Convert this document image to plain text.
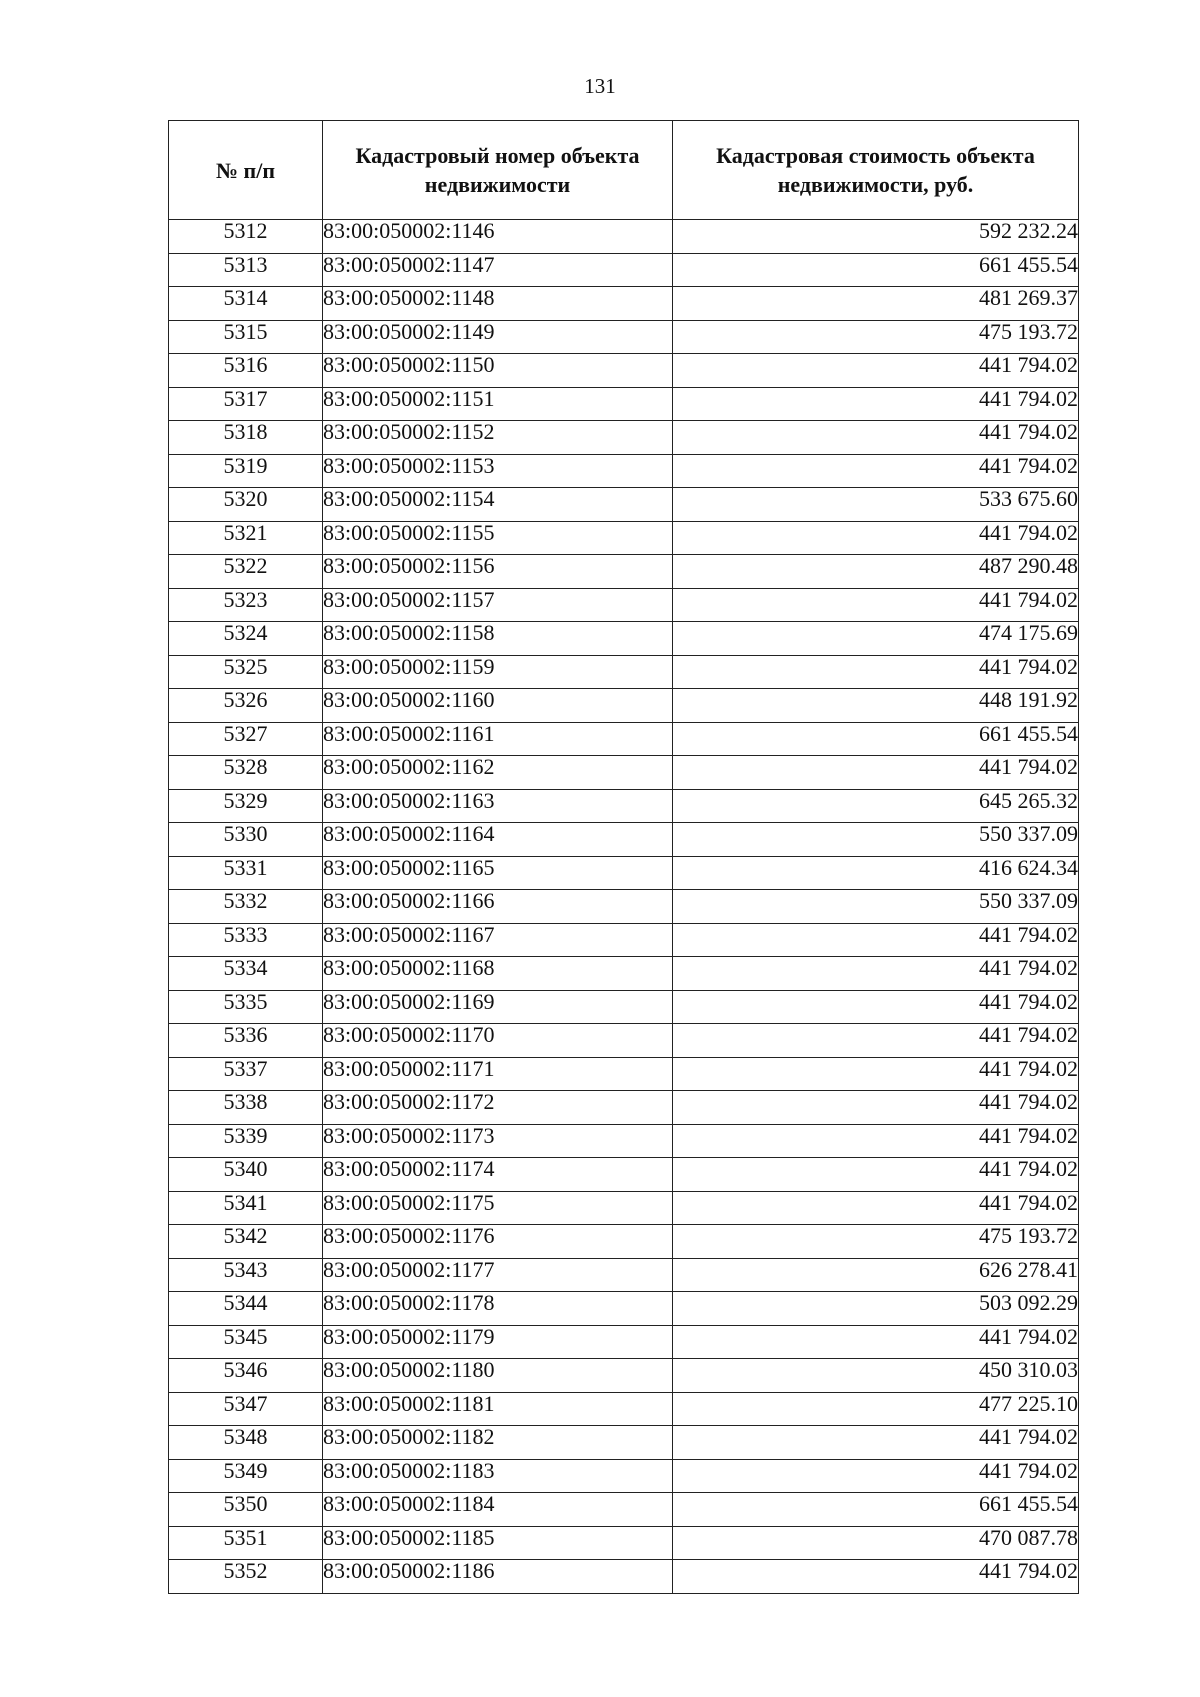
131
№ п/п	Кадастровый номер объекта недвижимости	Кадастровая стоимость объекта недвижимости, руб.
5312	83:00:050002:1146	592 232.24
5313	83:00:050002:1147	661 455.54
5314	83:00:050002:1148	481 269.37
5315	83:00:050002:1149	475 193.72
5316	83:00:050002:1150	441 794.02
5317	83:00:050002:1151	441 794.02
5318	83:00:050002:1152	441 794.02
5319	83:00:050002:1153	441 794.02
5320	83:00:050002:1154	533 675.60
5321	83:00:050002:1155	441 794.02
5322	83:00:050002:1156	487 290.48
5323	83:00:050002:1157	441 794.02
5324	83:00:050002:1158	474 175.69
5325	83:00:050002:1159	441 794.02
5326	83:00:050002:1160	448 191.92
5327	83:00:050002:1161	661 455.54
5328	83:00:050002:1162	441 794.02
5329	83:00:050002:1163	645 265.32
5330	83:00:050002:1164	550 337.09
5331	83:00:050002:1165	416 624.34
5332	83:00:050002:1166	550 337.09
5333	83:00:050002:1167	441 794.02
5334	83:00:050002:1168	441 794.02
5335	83:00:050002:1169	441 794.02
5336	83:00:050002:1170	441 794.02
5337	83:00:050002:1171	441 794.02
5338	83:00:050002:1172	441 794.02
5339	83:00:050002:1173	441 794.02
5340	83:00:050002:1174	441 794.02
5341	83:00:050002:1175	441 794.02
5342	83:00:050002:1176	475 193.72
5343	83:00:050002:1177	626 278.41
5344	83:00:050002:1178	503 092.29
5345	83:00:050002:1179	441 794.02
5346	83:00:050002:1180	450 310.03
5347	83:00:050002:1181	477 225.10
5348	83:00:050002:1182	441 794.02
5349	83:00:050002:1183	441 794.02
5350	83:00:050002:1184	661 455.54
5351	83:00:050002:1185	470 087.78
5352	83:00:050002:1186	441 794.02
